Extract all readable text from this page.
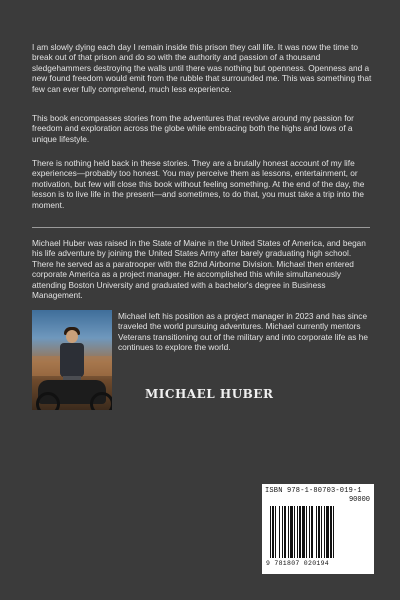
I am slowly dying each day I remain inside this prison they call life. It was now the time to break out of that prison and do so with the authority and passion of a thousand sledgehammers destroying the walls until there was nothing but openness. Openness and a new found freedom would emit from the rubble that surrounded me. This was something that few can ever fully comprehend, much less experience.

This book encompasses stories from the adventures that revolve around my passion for freedom and exploration across the globe while embracing both the highs and lows of a unique lifestyle.

There is nothing held back in these stories. They are a brutally honest account of my life experiences—probably too honest. You may perceive them as lessons, entertainment, or motivation, but few will close this book without feeling something. At the end of the day, the lesson is to live life in the present—and sometimes, to do that, you must take a trip into the moment.

Michael Huber was raised in the State of Maine in the United States of America, and began his life adventure by joining the United States Army after barely graduating high school. There he served as a paratrooper with the 82nd Airborne Division. Michael then entered corporate America as a project manager. He accomplished this while simultaneously attending Boston University and graduated with a bachelor's degree in Business Management.

Michael left his position as a project manager in 2023 and has since traveled the world pursuing adventures. Michael currently mentors Veterans transitioning out of the military and into corporate life as he continues to explore the world.

MICHAEL HUBER
ISBN 978-1-80703-019-1
90000
9 781807 020194
